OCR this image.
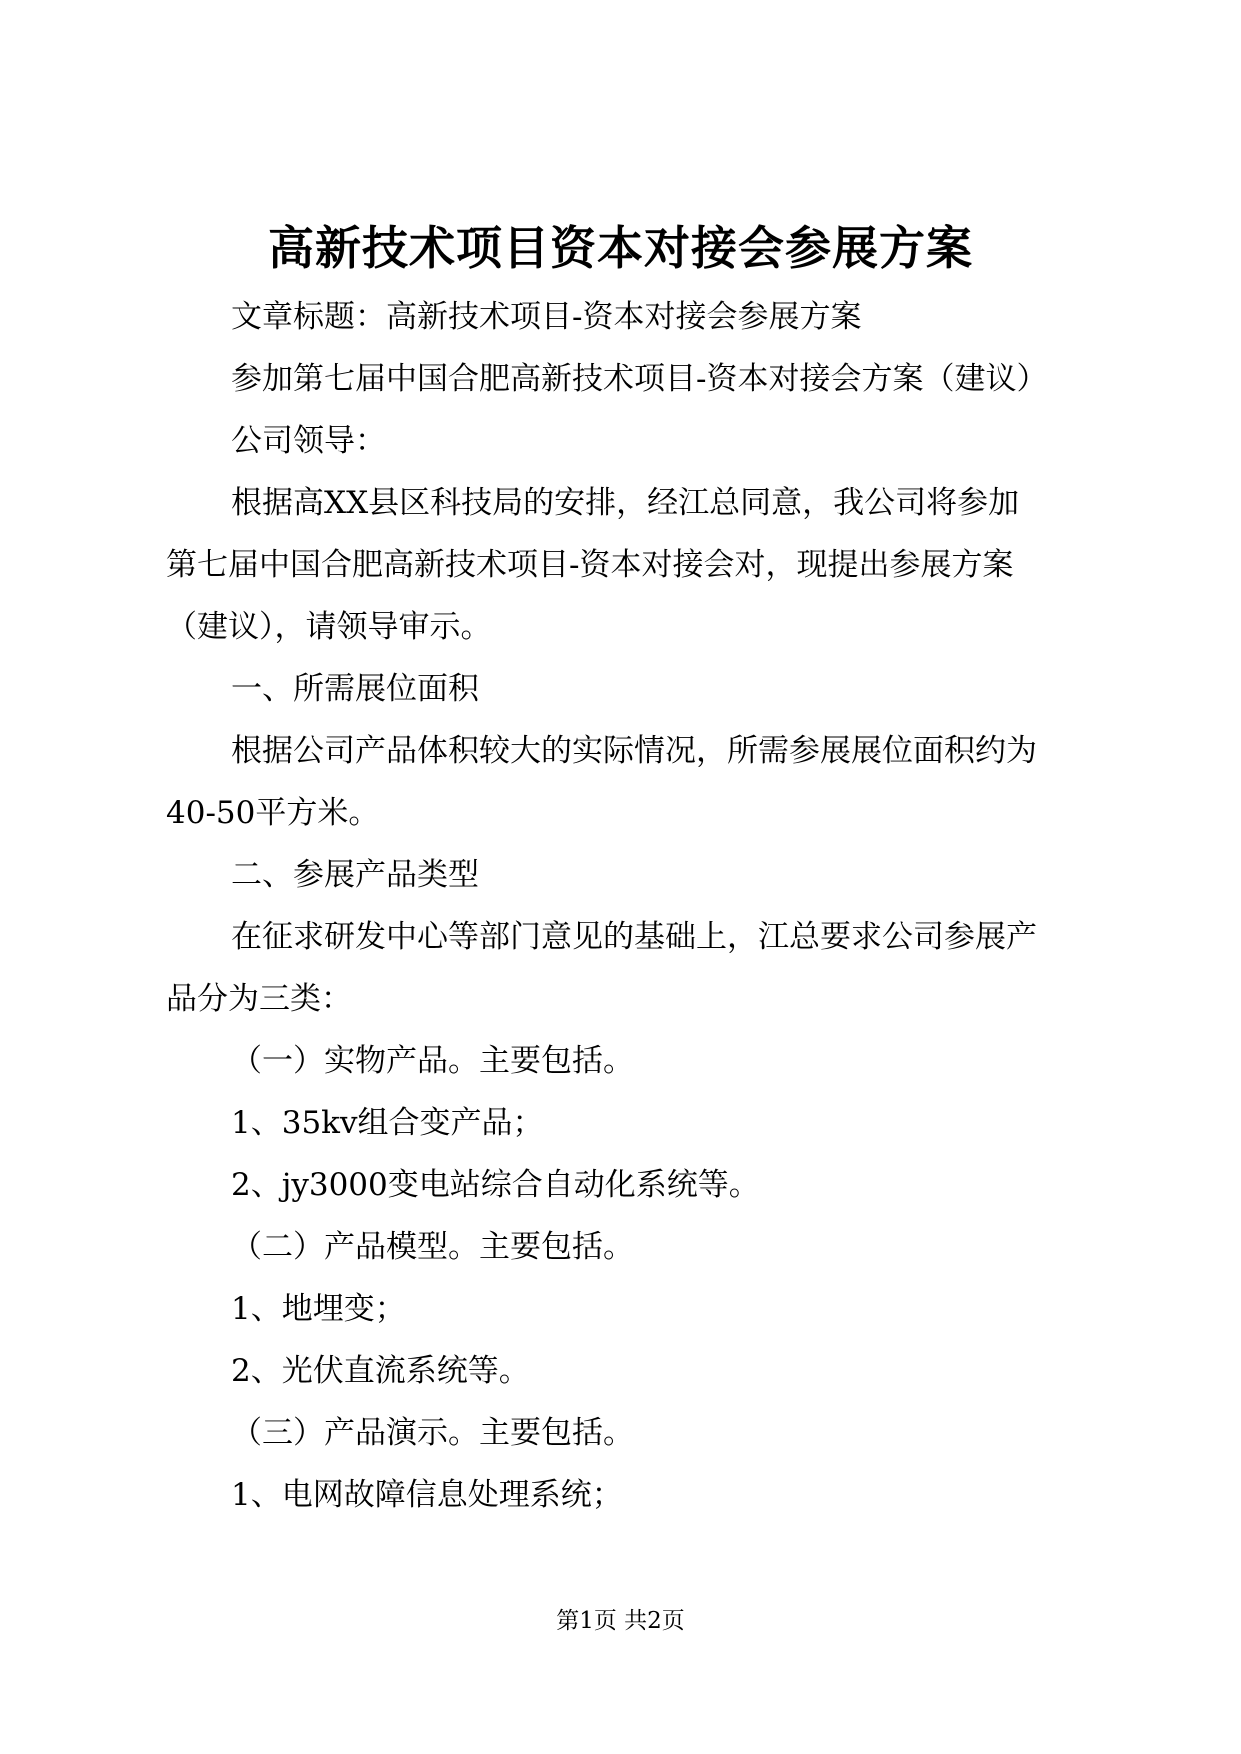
高新技术项目资本对接会参展方案
文章标题：高新技术项目-资本对接会参展方案
参加第七届中国合肥高新技术项目-资本对接会方案（建议）
公司领导：
根据高XX县区科技局的安排，经江总同意，我公司将参加
第七届中国合肥高新技术项目-资本对接会对，现提出参展方案
（建议），请领导审示。
一、所需展位面积
根据公司产品体积较大的实际情况，所需参展展位面积约为
40-50平方米。
二、参展产品类型
在征求研发中心等部门意见的基础上，江总要求公司参展产
品分为三类：
（一）实物产品。主要包括。
1、35kv组合变产品；
2、jy3000变电站综合自动化系统等。
（二）产品模型。主要包括。
1、地埋变；
2、光伏直流系统等。
（三）产品演示。主要包括。
1、电网故障信息处理系统；
第1页 共2页
